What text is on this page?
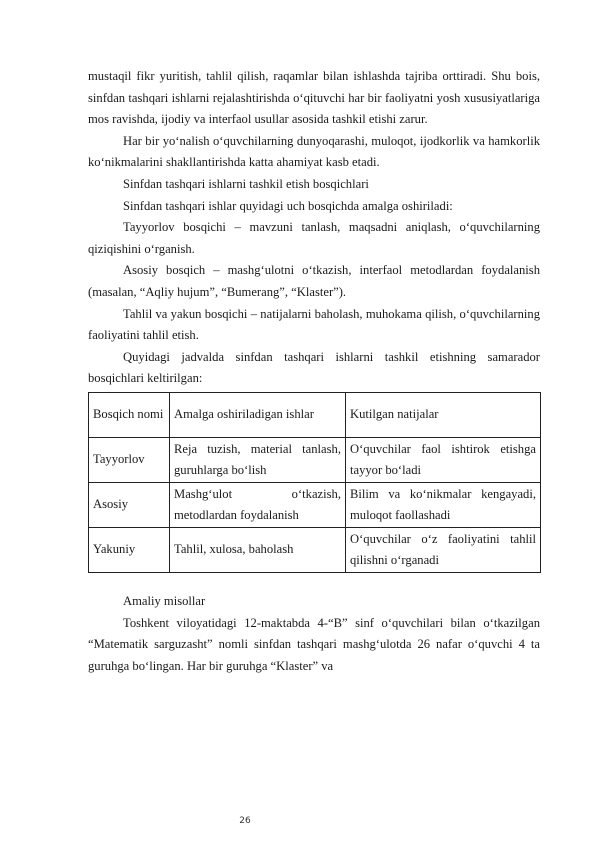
mustaqil fikr yuritish, tahlil qilish, raqamlar bilan ishlashda tajriba orttiradi. Shu bois, sinfdan tashqari ishlarni rejalashtirishda o‘qituvchi har bir faoliyatni yosh xususiyatlariga mos ravishda, ijodiy va interfaol usullar asosida tashkil etishi zarur.

Har bir yo‘nalish o‘quvchilarning dunyoqarashi, muloqot, ijodkorlik va hamkorlik ko‘nikmalarini shakllantirishda katta ahamiyat kasb etadi.

Sinfdan tashqari ishlarni tashkil etish bosqichlari

Sinfdan tashqari ishlar quyidagi uch bosqichda amalga oshiriladi:

Tayyorlov bosqichi – mavzuni tanlash, maqsadni aniqlash, o‘quvchilarning qiziqishini o‘rganish.

Asosiy bosqich – mashg‘ulotni o‘tkazish, interfaol metodlardan foydalanish (masalan, “Aqliy hujum”, “Bumerang”, “Klaster”).

Tahlil va yakun bosqichi – natijalarni baholash, muhokama qilish, o‘quvchilarning faoliyatini tahlil etish.

Quyidagi jadvalda sinfdan tashqari ishlarni tashkil etishning samarador bosqichlari keltirilgan:

Bosqich nomi	Amalga oshiriladigan ishlar	Kutilgan natijalar
Tayyorlov	Reja tuzish, material tanlash, guruhlarga bo‘lish	O‘quvchilar faol ishtirok etishga tayyor bo‘ladi
Asosiy	Mashg‘ulot o‘tkazish, metodlardan foydalanish	Bilim va ko‘nikmalar kengayadi, muloqot faollashadi
Yakuniy	Tahlil, xulosa, baholash	O‘quvchilar o‘z faoliyatini tahlil qilishni o‘rganadi

Amaliy misollar

Toshkent viloyatidagi 12-maktabda 4-“B” sinf o‘quvchilari bilan o‘tkazilgan “Matematik sarguzasht” nomli sinfdan tashqari mashg‘ulotda 26 nafar o‘quvchi 4 ta guruhga bo‘lingan. Har bir guruhga “Klaster” va

26
